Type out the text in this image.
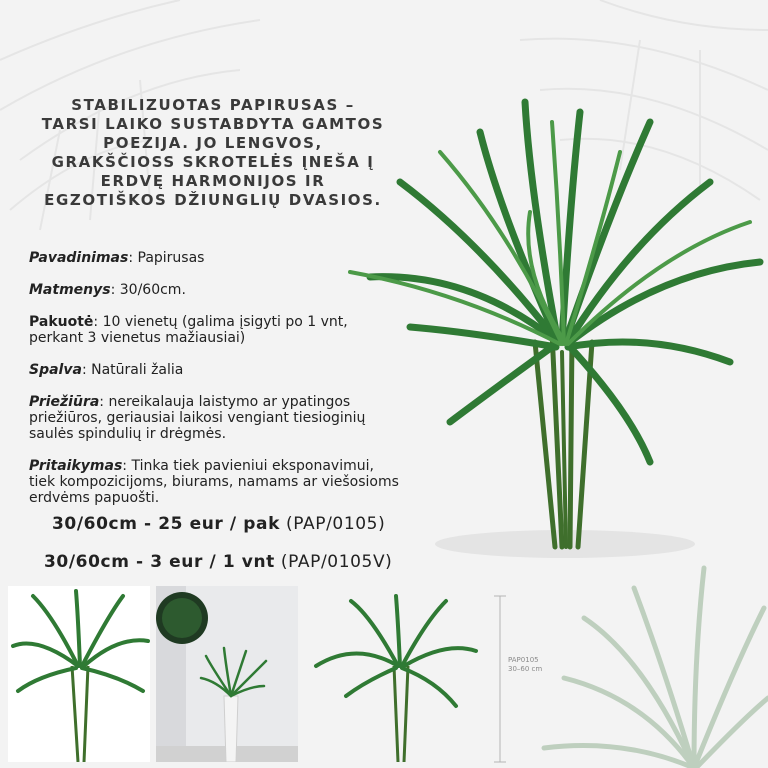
STABILIZUOTAS PAPIRUSAS – TARSI LAIKO SUSTABDYTA GAMTOS POEZIJA. JO LENGVOS, GRAKŠČIOSS SKROTELĖS ĮNEŠA Į ERDVĘ HARMONIJOS IR EGZOTIŠKOS DŽIUNGLIŲ DVASIOS.
Pavadinimas: Papirusas
Matmenys: 30/60cm.
Pakuotė: 10 vienetų (galima įsigyti po 1 vnt, perkant 3 vienetus mažiausiai)
Spalva: Natūrali žalia
Priežiūra: nereikalauja laistymo ar ypatingos priežiūros, geriausiai laikosi vengiant tiesioginių saulės spindulių ir drėgmės.
Pritaikymas: Tinka tiek pavieniui eksponavimui, tiek kompozicijoms, biurams, namams ar viešosioms erdvėms papuošti.
30/60cm - 25 eur / pak (PAP/0105)
30/60cm - 3 eur / 1 vnt (PAP/0105V)
PAP0105
30–60 cm
